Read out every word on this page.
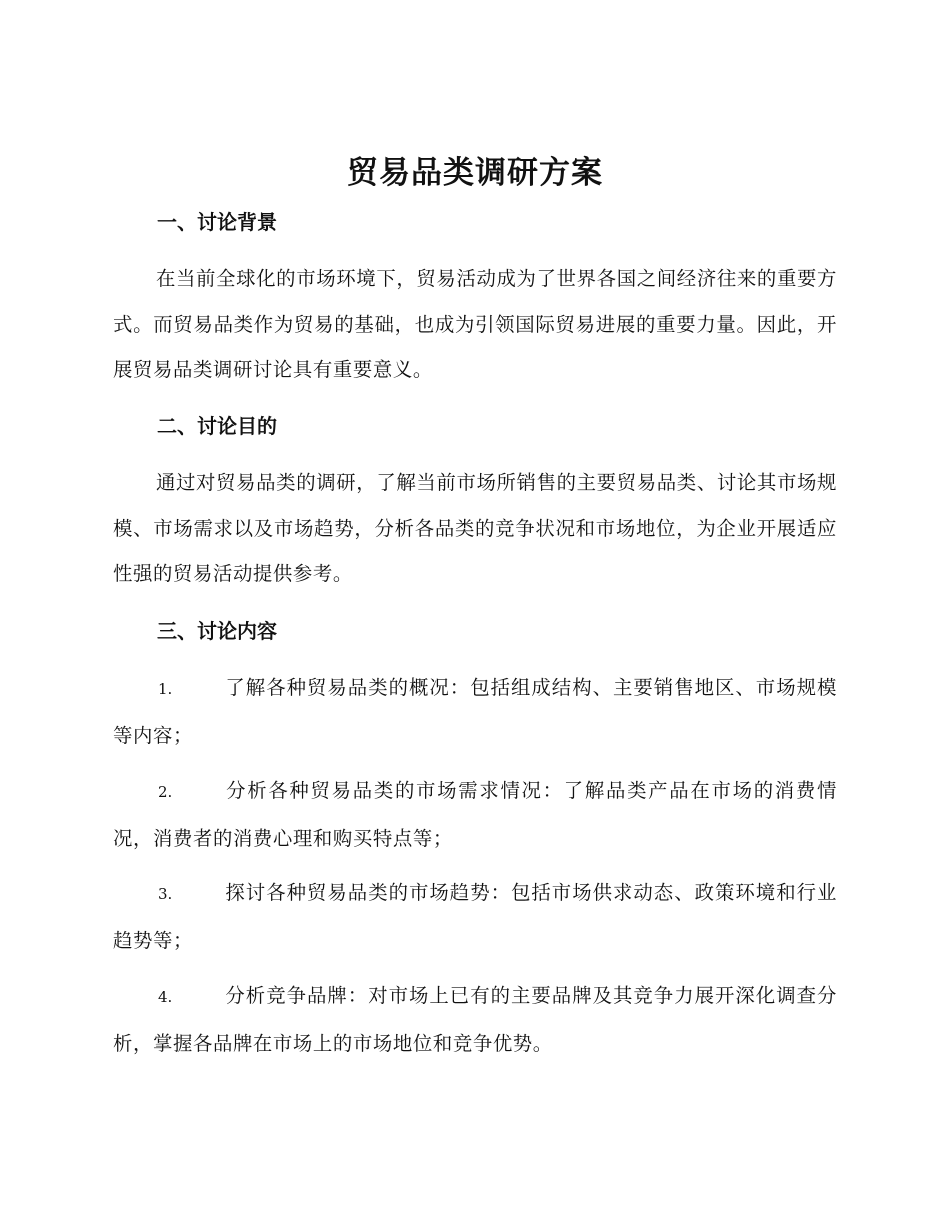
贸易品类调研方案
一、讨论背景

在当前全球化的市场环境下，贸易活动成为了世界各国之间经济往来的重要方式。而贸易品类作为贸易的基础，也成为引领国际贸易进展的重要力量。因此，开展贸易品类调研讨论具有重要意义。

二、讨论目的

通过对贸易品类的调研，了解当前市场所销售的主要贸易品类、讨论其市场规模、市场需求以及市场趋势，分析各品类的竞争状况和市场地位，为企业开展适应性强的贸易活动提供参考。

三、讨论内容
1.	了解各种贸易品类的概况：包括组成结构、主要销售地区、市场规模等内容；
2.	分析各种贸易品类的市场需求情况：了解品类产品在市场的消费情况，消费者的消费心理和购买特点等；
3.	探讨各种贸易品类的市场趋势：包括市场供求动态、政策环境和行业趋势等；
4.	分析竞争品牌：对市场上已有的主要品牌及其竞争力展开深化调查分析，掌握各品牌在市场上的市场地位和竞争优势。
